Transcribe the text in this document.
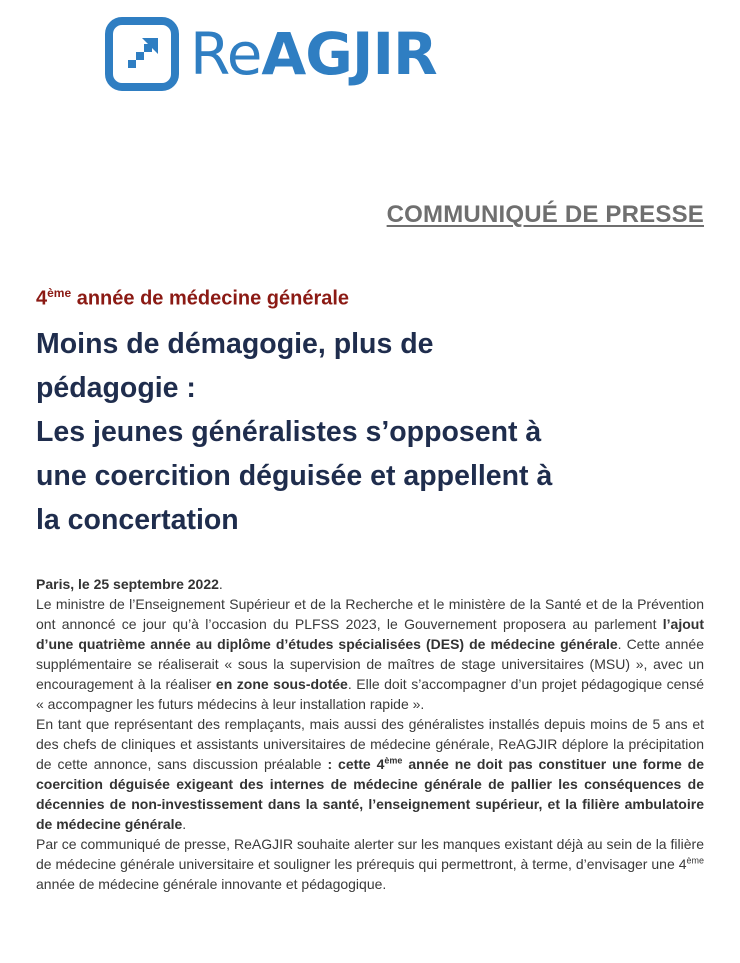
ReAGJIR
COMMUNIQUÉ DE PRESSE
4ème année de médecine générale
Moins de démagogie, plus de
pédagogie :
Les jeunes généralistes s’opposent à
une coercition déguisée et appellent à
la concertation

Paris, le 25 septembre 2022.
Le ministre de l’Enseignement Supérieur et de la Recherche et le ministère de la Santé et de la Prévention ont annoncé ce jour qu’à l’occasion du PLFSS 2023, le Gouvernement proposera au parlement l’ajout d’une quatrième année au diplôme d’études spécialisées (DES) de médecine générale. Cette année supplémentaire se réaliserait « sous la supervision de maîtres de stage universitaires (MSU) », avec un encouragement à la réaliser en zone sous-dotée. Elle doit s’accompagner d’un projet pédagogique censé « accompagner les futurs médecins à leur installation rapide ».

En tant que représentant des remplaçants, mais aussi des généralistes installés depuis moins de 5 ans et des chefs de cliniques et assistants universitaires de médecine générale, ReAGJIR déplore la précipitation de cette annonce, sans discussion préalable : cette 4ème année ne doit pas constituer une forme de coercition déguisée exigeant des internes de médecine générale de pallier les conséquences de décennies de non-investissement dans la santé, l’enseignement supérieur, et la filière ambulatoire de médecine générale.

Par ce communiqué de presse, ReAGJIR souhaite alerter sur les manques existant déjà au sein de la filière de médecine générale universitaire et souligner les prérequis qui permettront, à terme, d’envisager une 4ème année de médecine générale innovante et pédagogique.
